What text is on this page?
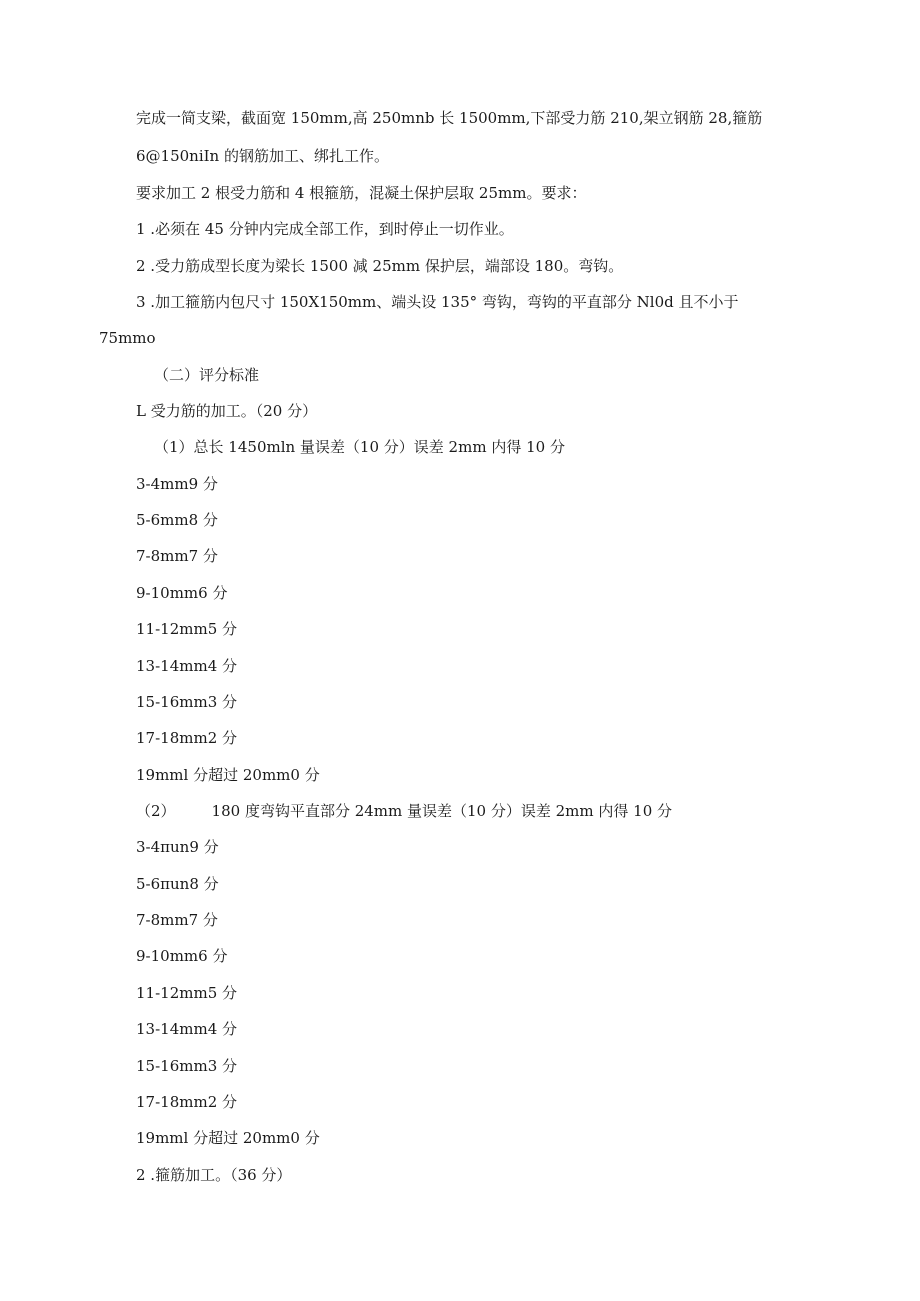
完成一简支梁，截面宽 150mm,高 250mnb 长 1500mm,下部受力筋 210,架立钢筋 28,箍筋
6@150niIn 的钢筋加工、绑扎工作。
要求加工 2 根受力筋和 4 根箍筋，混凝土保护层取 25mm。要求：
1 .必须在 45 分钟内完成全部工作，到时停止一切作业。
2 .受力筋成型长度为梁长 1500 减 25mm 保护层，端部设 180。弯钩。
3 .加工箍筋内包尺寸 150X150mm、端头设 135° 弯钩，弯钩的平直部分 Nl0d 且不小于
75mmo
（二）评分标准
L 受力筋的加工。（20 分）
（1）总长 1450mln 量误差（10 分）误差 2mm 内得 10 分
3-4mm9 分
5-6mm8 分
7-8mm7 分
9-10mm6 分
11-12mm5 分
13-14mm4 分
15-16mm3 分
17-18mm2 分
19mml 分超过 20mm0 分
（2） 180 度弯钩平直部分 24mm 量误差（10 分）误差 2mm 内得 10 分
3-4πun9 分
5-6πun8 分
7-8mm7 分
9-10mm6 分
11-12mm5 分
13-14mm4 分
15-16mm3 分
17-18mm2 分
19mml 分超过 20mm0 分
2 .箍筋加工。（36 分）
